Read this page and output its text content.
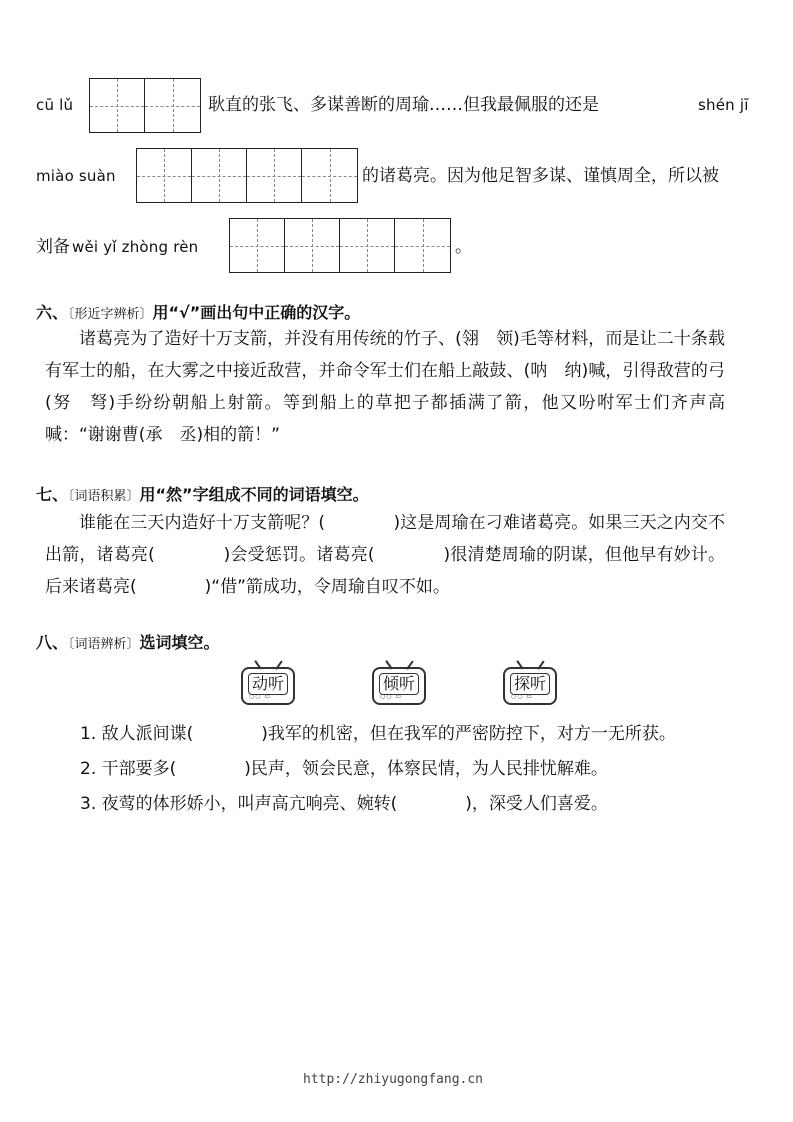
cū lǔ	耿直的张飞、多谋善断的周瑜……但我最佩服的还是	shén jī
miào suàn	的诸葛亮。因为他足智多谋、谨慎周全，所以被
刘备 wěi yǐ zhòng rèn	。
六、〔形近字辨析〕用“√”画出句中正确的汉字。
诸葛亮为了造好十万支箭，并没有用传统的竹子、(翎　领)毛等材料，而是让二十条载有军士的船，在大雾之中接近敌营，并命令军士们在船上敲鼓、(呐　纳)喊，引得敌营的弓(努　弩)手纷纷朝船上射箭。等到船上的草把子都插满了箭，他又吩咐军士们齐声高喊：“谢谢曹(承　丞)相的箭！”
七、〔词语积累〕用“然”字组成不同的词语填空。
谁能在三天内造好十万支箭呢？(　　　　)这是周瑜在刁难诸葛亮。如果三天之内交不出箭，诸葛亮(　　　　)会受惩罚。诸葛亮(　　　　)很清楚周瑜的阴谋，但他早有妙计。后来诸葛亮(　　　　)“借”箭成功，令周瑜自叹不如。
八、〔词语辨析〕选词填空。
动听
○○ ▭
倾听
○○ ▭
探听
○○ ▭
1. 敌人派间谍(　　　　)我军的机密，但在我军的严密防控下，对方一无所获。
2. 干部要多(　　　　)民声，领会民意，体察民情，为人民排忧解难。
3. 夜莺的体形娇小，叫声高亢响亮、婉转(　　　　)，深受人们喜爱。
http://zhiyugongfang.cn
